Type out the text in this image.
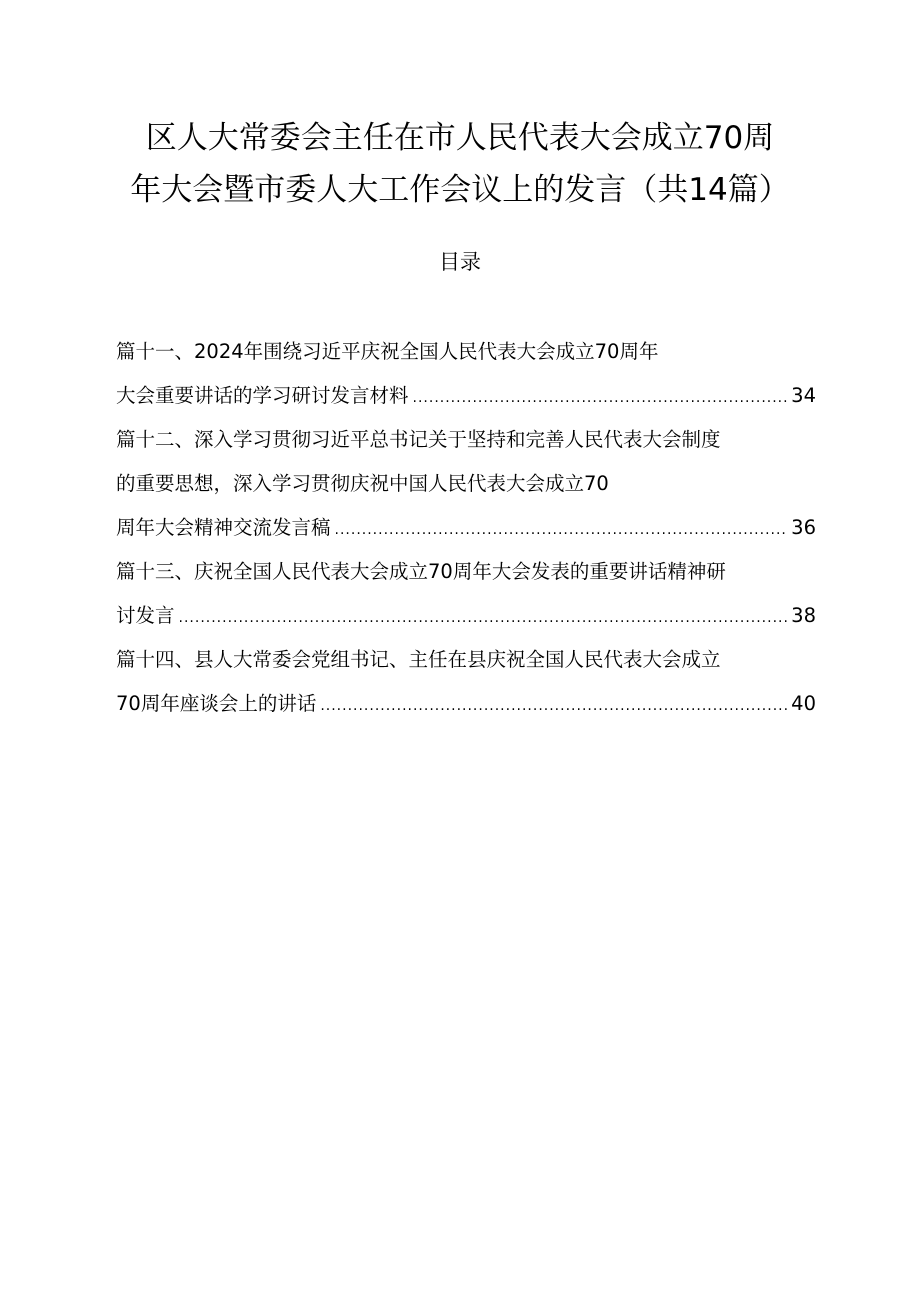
区人大常委会主任在市人民代表大会成立70周
年大会暨市委人大工作会议上的发言（共14篇）
目录
篇十一、2024年围绕习近平庆祝全国人民代表大会成立70周年
大会重要讲话的学习研讨发言材料 .....	34
篇十二、深入学习贯彻习近平总书记关于坚持和完善人民代表大会制度
的重要思想，深入学习贯彻庆祝中国人民代表大会成立70
周年大会精神交流发言稿 .....	36
篇十三、庆祝全国人民代表大会成立70周年大会发表的重要讲话精神研
讨发言 .....	38
篇十四、县人大常委会党组书记、主任在县庆祝全国人民代表大会成立
70周年座谈会上的讲话 .....	40
